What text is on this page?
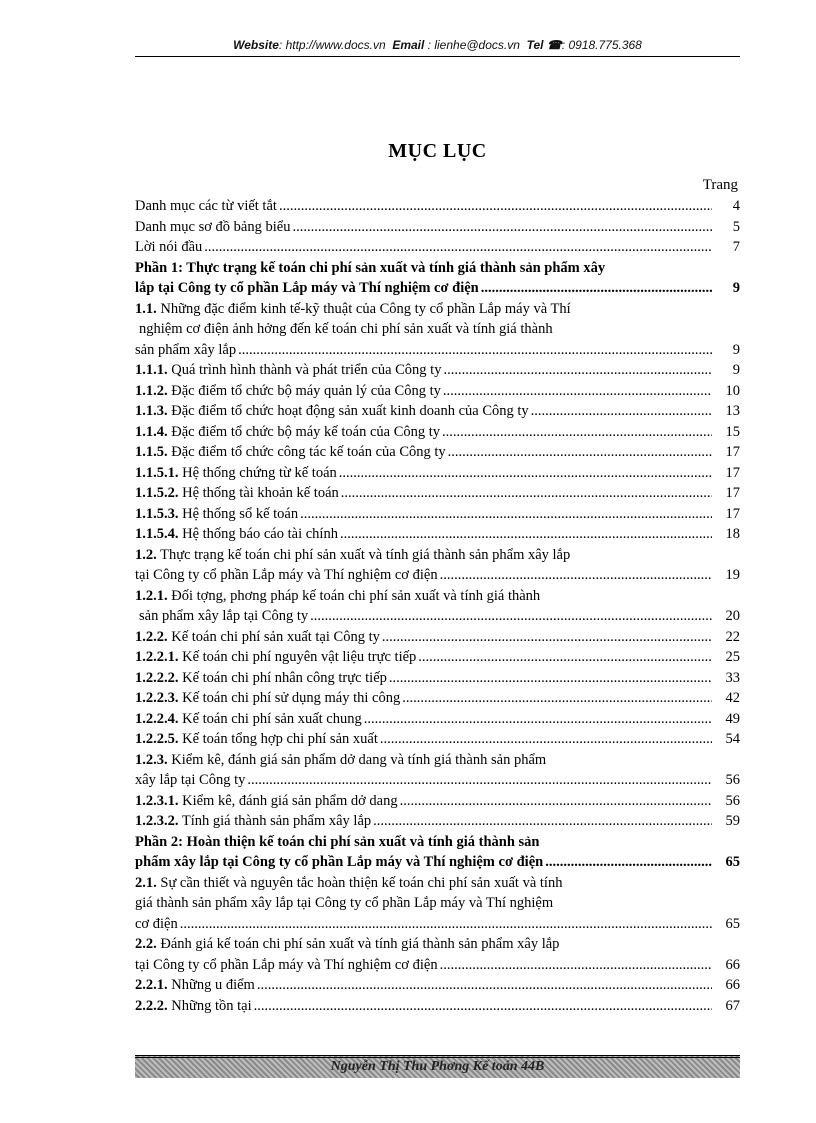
Website: http://www.docs.vn Email : lienhe@docs.vn Tel ☎: 0918.775.368
MỤC LỤC
Trang
Danh mục các từ viết tắt .....	4
Danh mục sơ đồ bảng biểu .....	5
Lời nói đầu .....	7
Phần 1: Thực trạng kế toán chi phí sản xuất và tính giá thành sản phẩm xây
lắp tại Công ty cổ phần Lắp máy và Thí nghiệm cơ điện .....	9
1.1. Những đặc điểm kinh tế-kỹ thuật của Công ty cổ phần Lắp máy và Thí
nghiệm cơ điện ảnh hởng đến kế toán chi phí sản xuất và tính giá thành
sản phẩm xây lắp .....	9
1.1.1. Quá trình hình thành và phát triển của Công ty .....	9
1.1.2. Đặc điểm tổ chức bộ máy quản lý của Công ty .....	10
1.1.3. Đặc điểm tổ chức hoạt động sản xuất kinh doanh của Công ty .....	13
1.1.4. Đặc điểm tổ chức bộ máy kế toán của Công ty .....	15
1.1.5. Đặc điểm tổ chức công tác kế toán của Công ty .....	17
1.1.5.1. Hệ thống chứng từ kế toán .....	17
1.1.5.2. Hệ thống tài khoản kế toán .....	17
1.1.5.3. Hệ thống sổ kế toán .....	17
1.1.5.4. Hệ thống báo cáo tài chính .....	18
1.2. Thực trạng kế toán chi phí sản xuất và tính giá thành sản phẩm xây lắp
tại Công ty cổ phần Lắp máy và Thí nghiệm cơ điện .....	19
1.2.1. Đối tợng, phơng pháp kế toán chi phí sản xuất và tính giá thành
sản phẩm xây lắp tại Công ty .....	20
1.2.2. Kế toán chi phí sản xuất tại Công ty .....	22
1.2.2.1. Kế toán chi phí nguyên vật liệu trực tiếp .....	25
1.2.2.2. Kế toán chi phí nhân công trực tiếp .....	33
1.2.2.3. Kế toán chi phí sử dụng máy thi công .....	42
1.2.2.4. Kế toán chi phí sản xuất chung .....	49
1.2.2.5. Kế toán tổng hợp chi phí sản xuất .....	54
1.2.3. Kiểm kê, đánh giá sản phẩm dở dang và tính giá thành sản phẩm
xây lắp tại Công ty .....	56
1.2.3.1. Kiểm kê, đánh giá sản phẩm dở dang .....	56
1.2.3.2. Tính giá thành sản phẩm xây lắp .....	59
Phần 2: Hoàn thiện kế toán chi phí sản xuất và tính giá thành sản
phẩm xây lắp tại Công ty cổ phần Lắp máy và Thí nghiệm cơ điện .....	65
2.1. Sự cần thiết và nguyên tắc hoàn thiện kế toán chi phí sản xuất và tính
giá thành sản phẩm xây lắp tại Công ty cổ phần Lắp máy và Thí nghiệm
cơ điện .....	65
2.2. Đánh giá kế toán chi phí sản xuất và tính giá thành sản phẩm xây lắp
tại Công ty cổ phần Lắp máy và Thí nghiệm cơ điện .....	66
2.2.1. Những u điểm .....	66
2.2.2. Những tồn tại .....	67
Nguyễn Thị Thu Phơng Kế toán 44B
